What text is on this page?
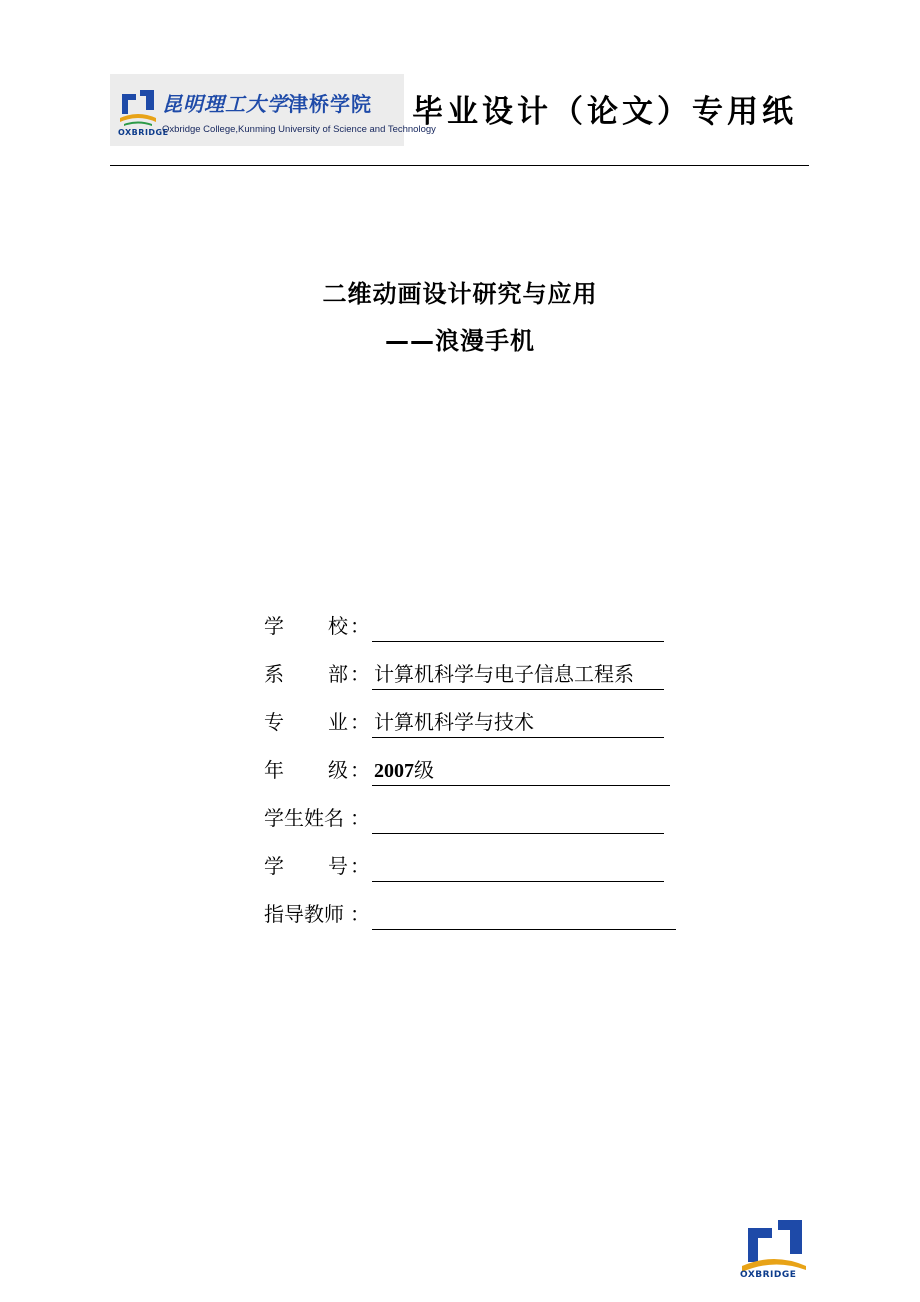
昆明理工大学津桥学院
OXBRIDGE
Oxbridge College,Kunming University of Science and Technology
毕业设计（论文）专用纸
二维动画设计研究与应用
——浪漫手机
学 校 ：
系 部 ： 计算机科学与电子信息工程系
专 业 ： 计算机科学与技术
年 级 ： 2007级
学生姓名 ：
学 号 ：
指导教师 ：
OXBRIDGE
